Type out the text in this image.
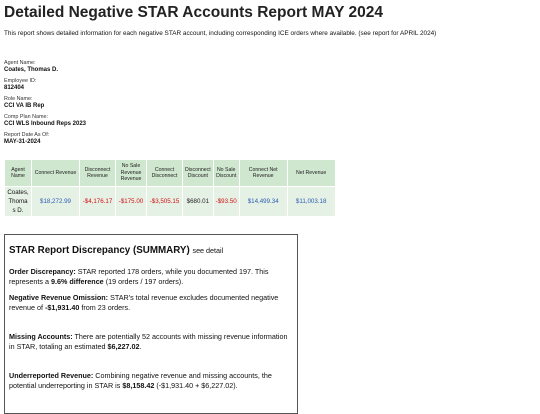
Detailed Negative STAR Accounts Report MAY 2024
This report shows detailed information for each negative STAR account, including corresponding ICE orders where available. (see report for APRIL 2024)
Agent Name:
Coates, Thomas D.
Employee ID:
812404
Role Name:
CCI VA IB Rep
Comp Plan Name:
CCI WLS Inbound Reps 2023
Report Date As Of:
MAY-31-2024
Agent Name	Connect Revenue	Disconnect Revenue	No Sale Revenue Revenue	Connect Disconnect	Disconnect Discount	No Sale Discount	Connect Net Revenue	Net Revenue
Coates, Thoma s D.	$18,272.99	-$4,176.17	-$175.00	-$3,505.15	$680.01	-$93.50	$14,499.34	$11,003.18
STAR Report Discrepancy (SUMMARY) see detail

Order Discrepancy: STAR reported 178 orders, while you documented 197. This represents a 9.6% difference (19 orders / 197 orders).

Negative Revenue Omission: STAR's total revenue excludes documented negative revenue of -$1,931.40 from 23 orders.

Missing Accounts: There are potentially 52 accounts with missing revenue information in STAR, totaling an estimated $6,227.02.

Underreported Revenue: Combining negative revenue and missing accounts, the potential underreporting in STAR is $8,158.42 (-$1,931.40 + $6,227.02).
